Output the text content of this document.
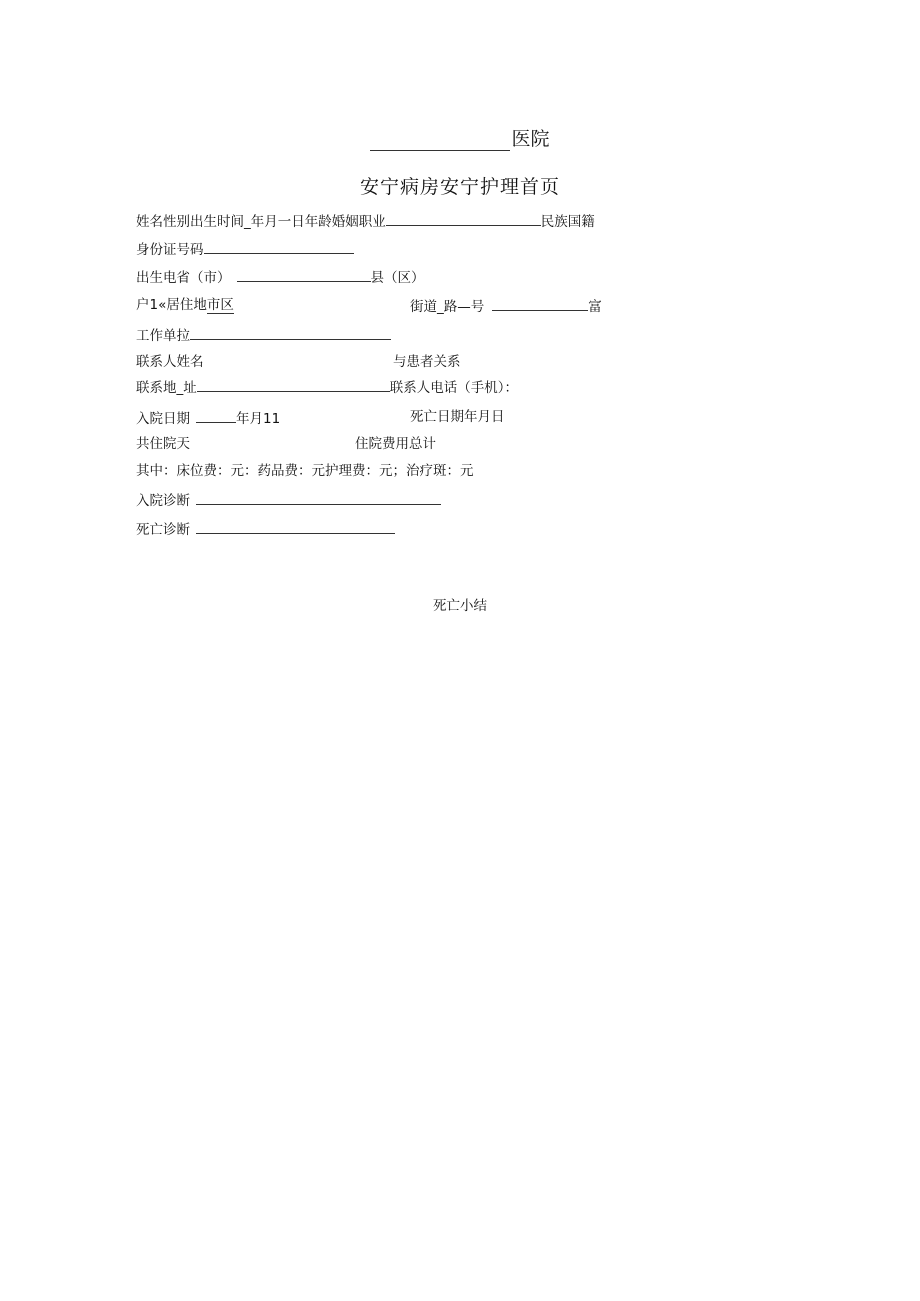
医院
安宁病房安宁护理首页
姓名性别出生时间_年月一日年龄婚姻职业	民族国籍
身份证号码
出生电省（市）	县（区）
户1«居住地市区	街道_路—号	富
工作单拉
联系人姓名	与患者关系
联系地_址	联系人电话（手机）：
入院日期	年月11	死亡日期年月日
共住院天	住院费用总计
其中：床位费：元：药品费：元护理费：元；治疗斑：元
入院诊断
死亡诊断
死亡小结
